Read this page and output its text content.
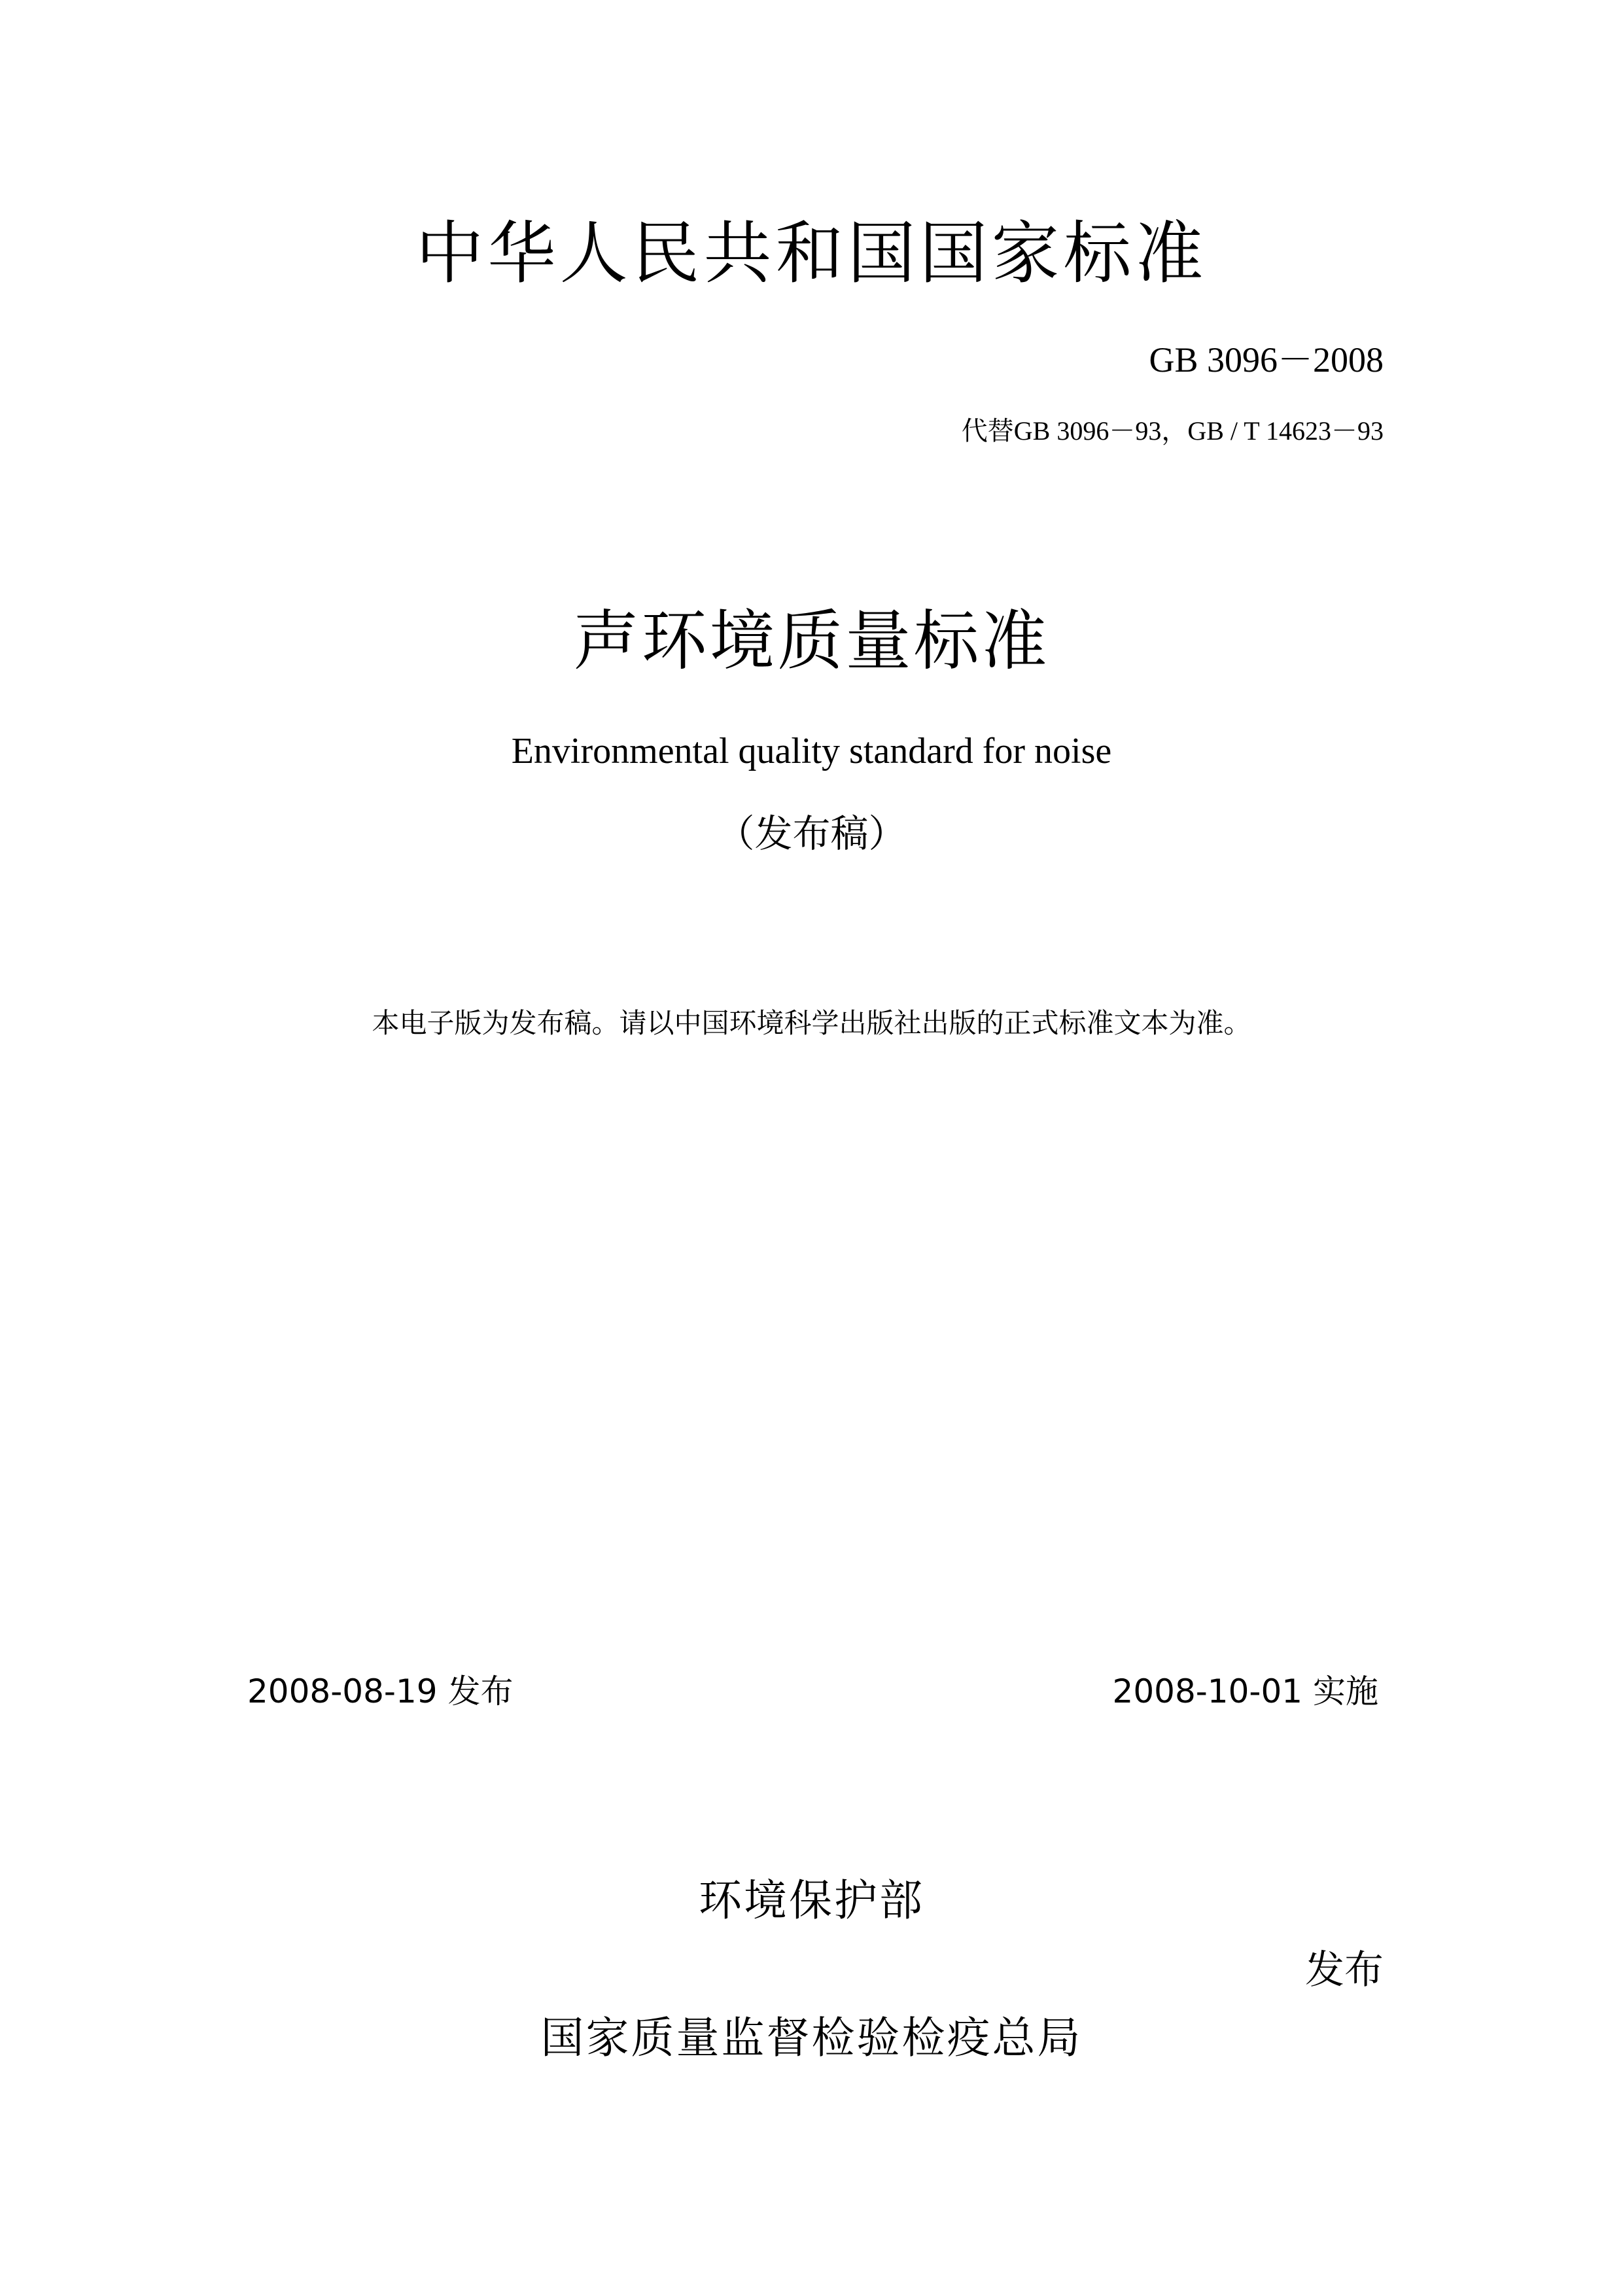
中华人民共和国国家标准
GB 3096－2008
代替GB 3096－93，GB / T 14623－93
声环境质量标准
Environmental quality standard for noise
（发布稿）
本电子版为发布稿。请以中国环境科学出版社出版的正式标准文本为准。
2008-08-19 发布	2008-10-01 实施
环境保护部
发布
国家质量监督检验检疫总局
